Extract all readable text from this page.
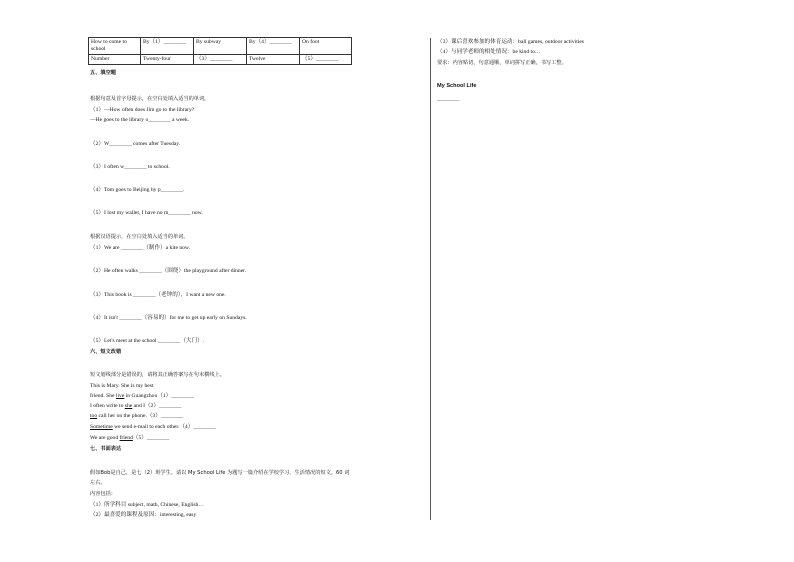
How to come to school	By（1）________	By subway	By（4）________	On foot
Number	Twenty-four	（3）________	Twelve	（5）________
五、填空题
根据句意及首字母提示，在空白处填入适当的单词。
（1）—How often does Jim go to the library?
—He goes to the library o________ a week.
（2）W________ comes after Tuesday.
（3）I often w________ to school.
（4）Tom goes to Beijing by p________.
（5）I lost my wallet, I have no m________ now.
根据汉语提示，在空白处填入适当的单词。
（1）We are ________（制作）a kite now.
（2）He often walks ________（围绕）the playground after dinner.
（3）This book is ________（老钟的），I want a new one.
（4）It isn't ________（容易的）for me to get up early on Sundays.
（5）Let's meet at the school ________（大门）.
六、短文改错
短文划线部分是错误的，请将其正确答案写在句末横线上。
This is Mary. She is my best
friend. She live in Guangzhou（1）________
I often write to she and I（2）________
too call her on the phone.（3）________
Sometime we send e-mail to each other.（4）________
We are good friend（5）________
七、书面表达
假如Bob是自己，是七（2）班学生。请以 My School Life 为题写一篇介绍在学校学习、生活情况的短文。60 词
左右。
内容包括：
（1）所学科目 subject, math, Chinese, English…
（2）最喜爱的课程及原因：interesting, easy
（3）课后喜欢参加的体育运动：ball games, outdoor activities
（4）与同学老师的相处情况：be kind to…
要求：内容贴切，句意通顺，单词拼写正确，书写工整。
My School Life
________
